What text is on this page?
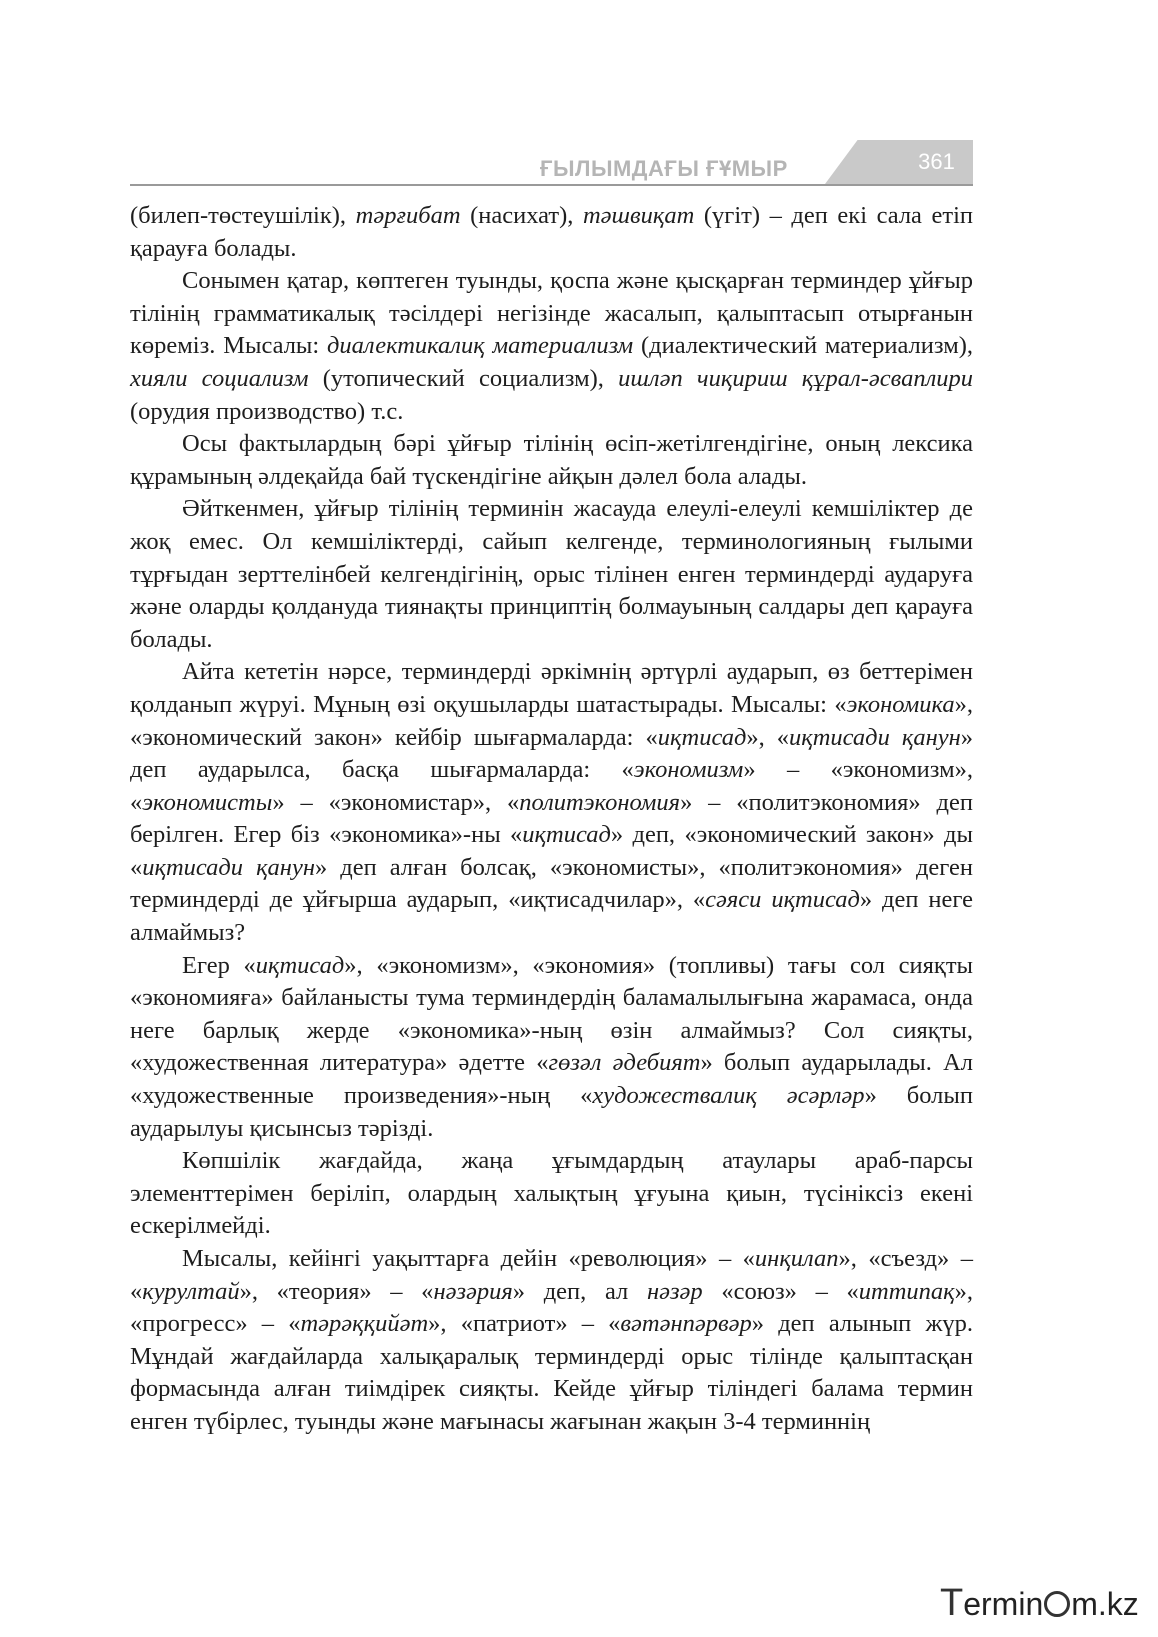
ҒЫЛЫМДАҒЫ ҒҰМЫР	361

(билеп-төстеушілік), тәрғибат (насихат), тәшвиқат (үгіт) – деп екі сала етіп қарауға болады.

Сонымен қатар, көптеген туынды, қоспа және қысқарған терминдер ұйғыр тілінің грамматикалық тәсілдері негізінде жасалып, қалыптасып отырғанын көреміз. Мысалы: диалектикалиқ материализм (диалектический материализм), хияли социализм (утопический социализм), ишләп чиқириш құрал-әсваплири (орудия производство) т.с.

Осы фактылардың бәрі ұйғыр тілінің өсіп-жетілгендігіне, оның лексика құрамының әлдеқайда бай түскендігіне айқын дәлел бола алады.

Әйткенмен, ұйғыр тілінің терминін жасауда елеулі-елеулі кемшіліктер де жоқ емес. Ол кемшіліктерді, сайып келгенде, терминологияның ғылыми тұрғыдан зерттелінбей келгендігінің, орыс тілінен енген терминдерді аударуға және оларды қолдануда тиянақты принциптің болмауының салдары деп қарауға болады.

Айта кететін нәрсе, терминдерді әркімнің әртүрлі аударып, өз беттерімен қолданып жүруі. Мұның өзі оқушыларды шатастырады. Мысалы: «экономика», «экономический закон» кейбір шығармаларда: «иқтисад», «иқтисади қанун» деп аударылса, басқа шығармаларда: «экономизм» – «экономизм», «экономисты» – «экономистар», «политэкономия» – «политэкономия» деп берілген. Егер біз «экономика»-ны «иқтисад» деп, «экономический закон» ды «иқтисади қанун» деп алған болсақ, «экономисты», «политэкономия» деген терминдерді де ұйғырша аударып, «иқтисадчилар», «сәяси иқтисад» деп неге алмаймыз?

Егер «иқтисад», «экономизм», «экономия» (топливы) тағы сол сияқты «экономияға» байланысты тума терминдердің баламалылығына жарамаса, онда неге барлық жерде «экономика»-ның өзін алмаймыз? Сол сияқты, «художественная литература» әдетте «гөзәл әдебият» болып аударылады. Ал «художественные произведения»-ның «художествалиқ әсәрләр» болып аударылуы қисынсыз тәрізді.

Көпшілік жағдайда, жаңа ұғымдардың атаулары араб-парсы элементтерімен беріліп, олардың халықтың ұғуына қиын, түсініксіз екені ескерілмейді.

Мысалы, кейінгі уақыттарға дейін «революция» – «инқилап», «съезд» – «курултай», «теория» – «нәзәрия» деп, ал нәзәр «союз» – «иттипақ», «прогресс» – «тәрәққийәт», «патриот» – «вәтәнпәрвәр» деп алынып жүр. Мұндай жағдайларда халықаралық терминдерді орыс тілінде қалыптасқан формасында алған тиімдірек сияқты. Кейде ұйғыр тіліндегі балама термин енген түбірлес, туынды және мағынасы жағынан жақын 3-4 терминнің

Termin m.kz
